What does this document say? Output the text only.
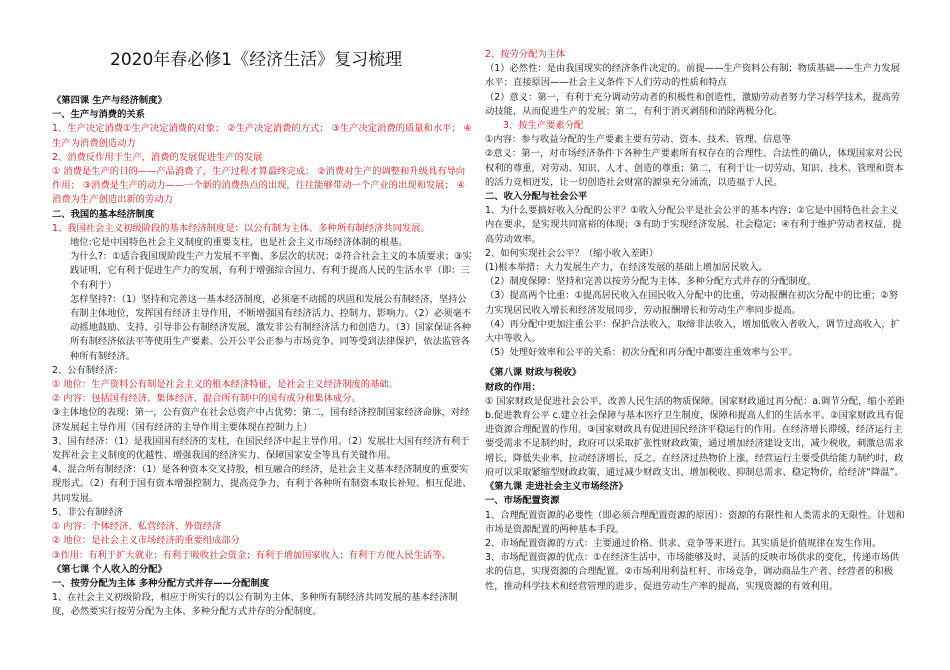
2020年春必修1《经济生活》复习梳理

《第四课 生产与经济制度》

一、生产与消费的关系

1、生产决定消费①生产决定消费的对象； ②生产决定消费的方式； ③生产决定消费的质量和水平； ④生产为消费创造动力

2、消费反作用于生产，消费的发展促进生产的发展

① 消费是生产的目的——产品消费了，生产过程才算最终完成； ②消费对生产的调整和升级具有导向作用； ③消费是生产的动力——一个新的消费热点的出现，往往能够带动一个产业的出现和发展； ④消费为生产创造出新的劳动力

二、我国的基本经济制度

1、我国社会主义初级阶段的基本经济制度是：以公有制为主体、多种所有制经济共同发展。

地位:它是中国特色社会主义制度的重要支柱，也是社会主义市场经济体制的根基。

为什么?：①适合我国现阶段生产力发展不平衡、多层次的状况；②符合社会主义的本质要求；③实践证明，它有利于促进生产力的发展，有利于增强综合国力、有利于提高人民的生活水平（即：三个有利于）

怎样坚持?：（1）坚持和完善这一基本经济制度，必须毫不动摇的巩固和发展公有制经济，坚持公有制主体地位，发挥国有经济主导作用，不断增强国有经济活力、控制力、影响力。（2）必须毫不动摇地鼓励、支持、引导非公有制经济发展，激发非公有制经济活力和创造力。（3）国家保证各种所有制经济依法平等使用生产要素、公开公平公正参与市场竞争、同等受到法律保护，依法监管各种所有制经济。

2、公有制经济：

① 地位：生产资料公有制是社会主义的根本经济特征，是社会主义经济制度的基础。

② 内容：包括国有经济、集体经济、混合所有制中的国有成分和集体成分。

③主体地位的表现：第一，公有资产在社会总资产中占优势；第二，国有经济控制国家经济命脉，对经济发展起主导作用（国有经济的主导作用主要体现在控制力上）

3、国有经济：（1）是我国国有经济的支柱，在国民经济中起主导作用。（2）发展壮大国有经济有利于发挥社会主义制度的优越性、增强我国的经济实力、保障国家安全等具有关键作用。

4、混合所有制经济：（1）是各种资本交叉持股，相互融合的经济，是社会主义基本经济制度的重要实现形式。（2）有利于国有资本增强控制力，提高竞争力，有利于各种所有制资本取长补短、相互促进、共同发展。

5、非公有制经济

① 内容：个体经济、私营经济、外资经济

② 地位：是社会主义市场经济的重要组成部分

③作用：有利于扩大就业；有利于吸收社会资金；有利于增加国家收入；有利于方便人民生活等。

《第七课 个人收入的分配》

一、按劳分配为主体 多种分配方式并存——分配制度

1、在社会主义初级阶段，相应于所实行的以公有制为主体、多种所有制经济共同发展的基本经济制度，必然要实行按劳分配为主体、多种分配方式并存的分配制度。

2、按劳分配为主体

（1）必然性：是由我国现实的经济条件决定的。前提——生产资料公有制；物质基础——生产力发展水平；直接原因——社会主义条件下人们劳动的性质和特点

（2）意义：第一，有利于充分调动劳动者的积极性和创造性，激励劳动者努力学习科学技术，提高劳动技能，从而促进生产的发展；第二，有利于消灭剥削和消除两极分化。

3、按生产要素分配

①内容：参与收益分配的生产要素主要有劳动、资本、技术、管理、信息等

②意义：第一，对市场经济条件下各种生产要素所有权存在的合理性、合法性的确认，体现国家对公民权利的尊重，对劳动、知识、人才、创造的尊重；第二，有利于让一切劳动、知识、技术、管理和资本的活力竞相迸发，让一切创造社会财富的源泉充分涌流，以造福于人民。

二、收入分配与社会公平

1、为什么要搞好收入分配的公平？①收入分配公平是社会公平的基本内容；②它是中国特色社会主义内在要求，是实现共同富裕的体现；③有助于实现经济发展、社会稳定；④有利于维护劳动者权益，提高劳动效率。

2、如何实现社会公平？（缩小收入差距）

(1)根本举措：大力发展生产力，在经济发展的基础上增加居民收入。

（2）制度保障：坚持和完善以按劳分配为主体、多种分配方式并存的分配制度。

（3）提高两个比重：①提高居民收入在国民收入分配中的比重，劳动报酬在初次分配中的比重；②努力实现居民收入增长和经济发展同步，劳动报酬增长和劳动生产率同步提高。

（4）再分配中更加注重公平：保护合法收入，取缔非法收入，增加低收入者收入，调节过高收入，扩大中等收入。

（5）处理好效率和公平的关系：初次分配和再分配中都要注重效率与公平。

《第八课 财政与税收》

财政的作用：

① 国家财政是促进社会公平，改善人民生活的物质保障。国家财政通过再分配：a.调节分配，缩小差距 b.促进教育公平 c.建立社会保障与基本医疗卫生制度，保障和提高人们的生活水平。②国家财政具有促进资源合理配置的作用。③国家财政具有促进国民经济平稳运行的作用。在经济增长滞缓，经济运行主要受需求不足制约时，政府可以采取扩张性财政政策，通过增加经济建设支出，减少税收，刺激总需求增长，降低失业率，拉动经济增长，反之，在经济过热物价上涨，经营运行主要受供给能力制约时，政府可以采取紧缩型财政政策，通过减少财政支出、增加税收、抑制总需求、稳定物价，给经济“降温”。

《第九课 走进社会主义市场经济》

一、市场配置资源

1、合理配置资源的必要性（即必须合理配置资源的原因）：资源的有限性和人类需求的无限性。计划和市场是资源配置的两种基本手段。

2、市场配置资源的方式：主要通过价格、供求、竞争等来进行。其实质是价值规律在发生作用。

3、市场配置资源的优点：①在经济生活中，市场能够及时、灵活的反映市场供求的变化，传递市场供求的信息，实现资源的合理配置。②市场利用利益杠杆、市场竞争，调动商品生产者、经营者的积极性，推动科学技术和经营管理的进步，促进劳动生产率的提高，实现资源的有效利用。
